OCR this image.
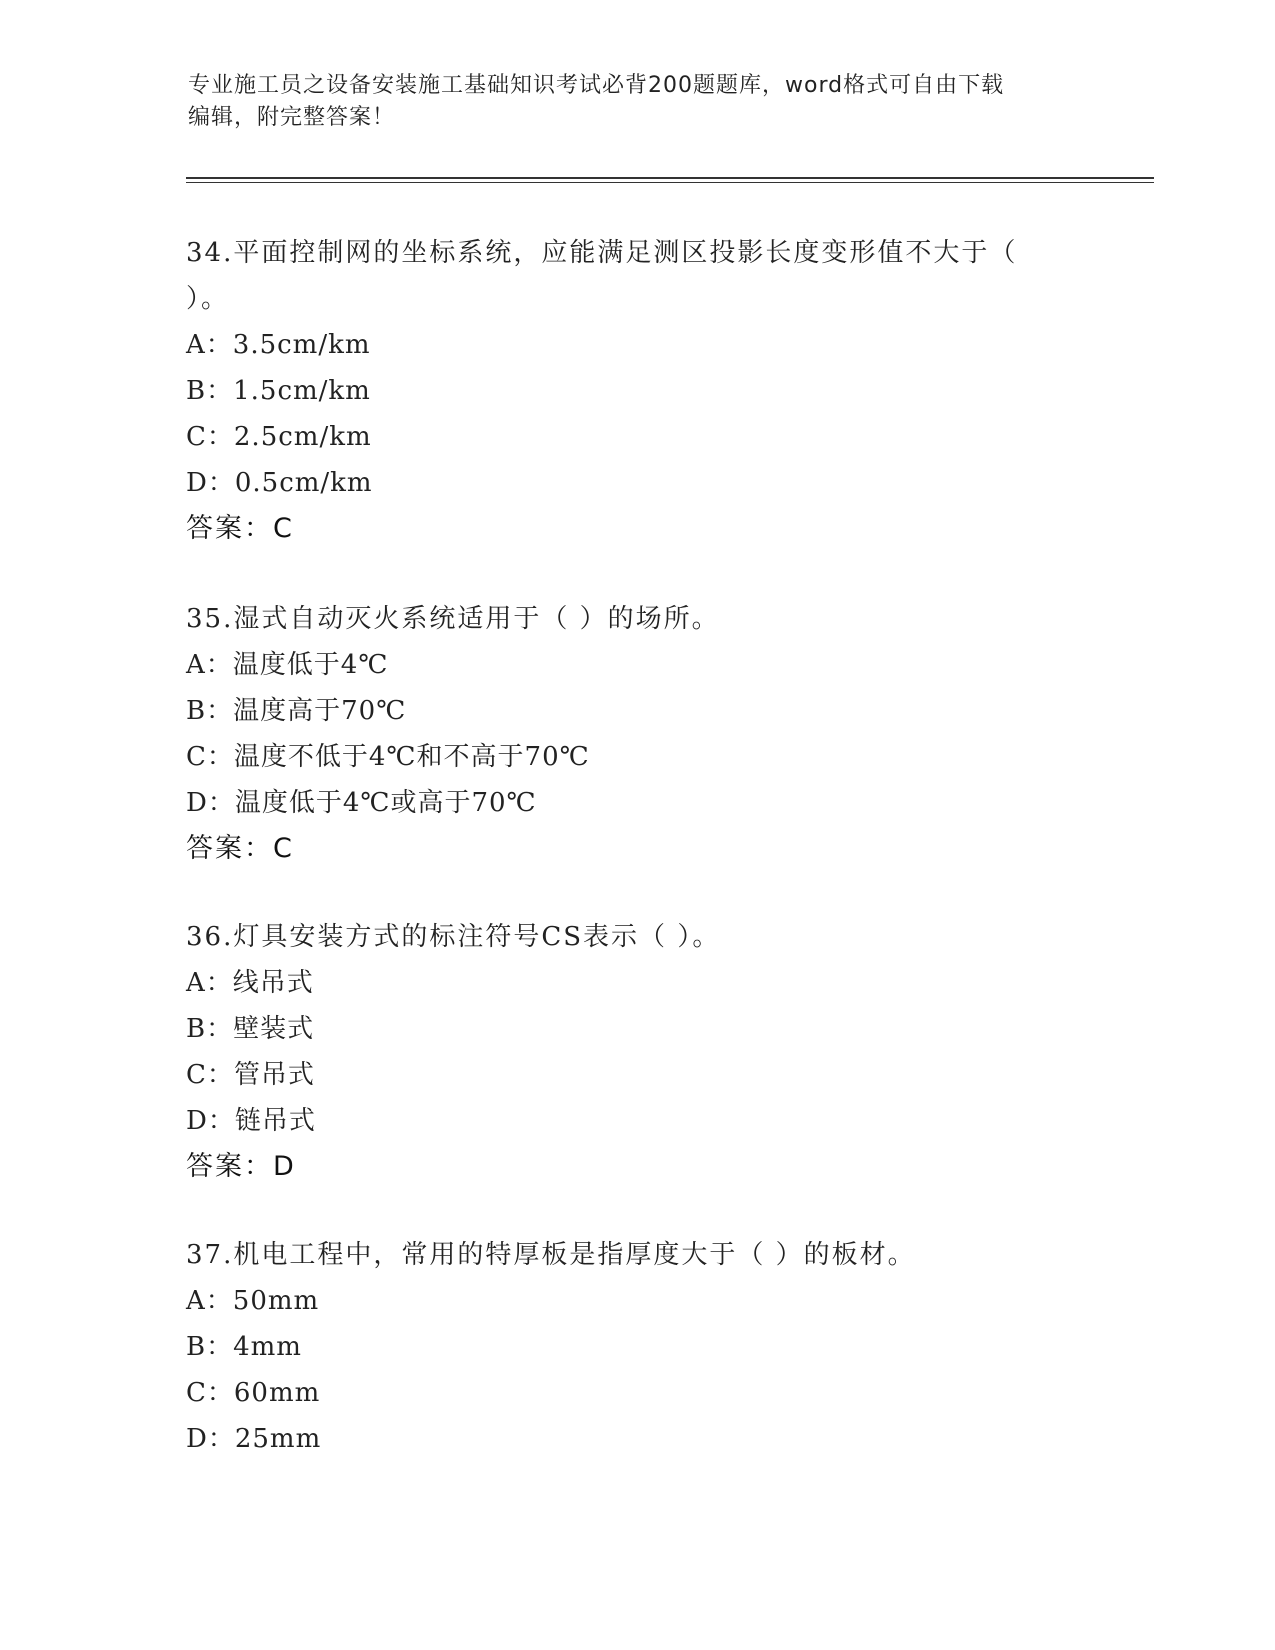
专业施工员之设备安装施工基础知识考试必背200题题库，word格式可自由下载
编辑，附完整答案！
34.平面控制网的坐标系统，应能满足测区投影长度变形值不大于（ ）。
A：3.5cm/km
B：1.5cm/km
C：2.5cm/km
D：0.5cm/km
答案：C
35.湿式自动灭火系统适用于（ ）的场所。
A：温度低于4℃
B：温度高于70℃
C：温度不低于4℃和不高于70℃
D：温度低于4℃或高于70℃
答案：C
36.灯具安装方式的标注符号CS表示（ ）。
A：线吊式
B：壁装式
C：管吊式
D：链吊式
答案：D
37.机电工程中，常用的特厚板是指厚度大于（ ）的板材。
A：50mm
B：4mm
C：60mm
D：25mm
